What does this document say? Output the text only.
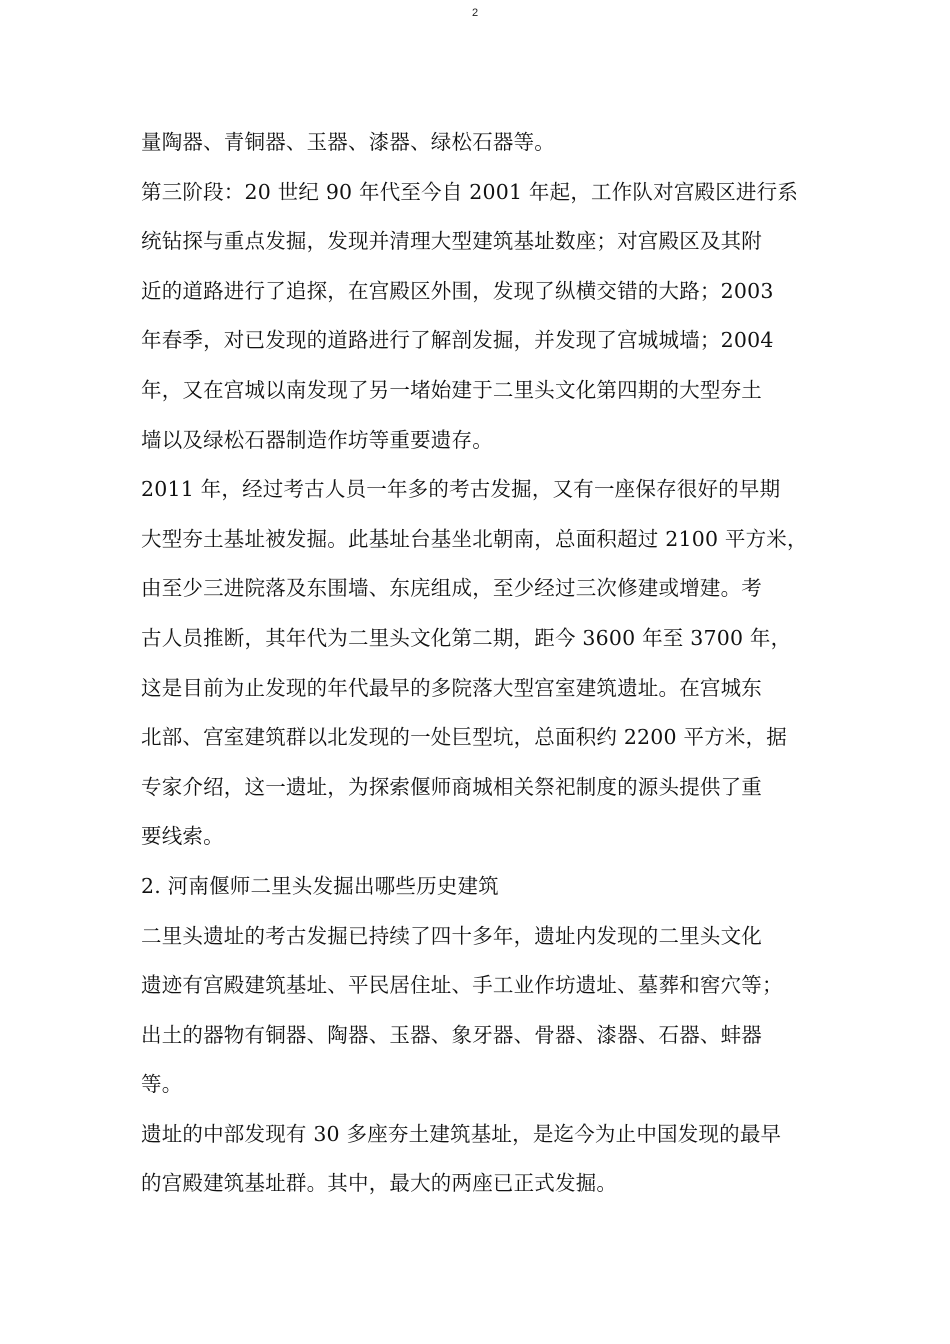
2
量陶器、青铜器、玉器、漆器、绿松石器等。
第三阶段：20 世纪 90 年代至今自 2001 年起，工作队对宫殿区进行系
统钻探与重点发掘，发现并清理大型建筑基址数座；对宫殿区及其附
近的道路进行了追探，在宫殿区外围，发现了纵横交错的大路；2003
年春季，对已发现的道路进行了解剖发掘，并发现了宫城城墙；2004
年，又在宫城以南发现了另一堵始建于二里头文化第四期的大型夯土
墙以及绿松石器制造作坊等重要遗存。
2011 年，经过考古人员一年多的考古发掘，又有一座保存很好的早期
大型夯土基址被发掘。此基址台基坐北朝南，总面积超过 2100 平方米，
由至少三进院落及东围墙、东庑组成，至少经过三次修建或增建。考
古人员推断，其年代为二里头文化第二期，距今 3600 年至 3700 年，
这是目前为止发现的年代最早的多院落大型宫室建筑遗址。在宫城东
北部、宫室建筑群以北发现的一处巨型坑，总面积约 2200 平方米，据
专家介绍，这一遗址，为探索偃师商城相关祭祀制度的源头提供了重
要线索。
2. 河南偃师二里头发掘出哪些历史建筑
二里头遗址的考古发掘已持续了四十多年，遗址内发现的二里头文化
遗迹有宫殿建筑基址、平民居住址、手工业作坊遗址、墓葬和窖穴等；
出土的器物有铜器、陶器、玉器、象牙器、骨器、漆器、石器、蚌器
等。
遗址的中部发现有 30 多座夯土建筑基址，是迄今为止中国发现的最早
的宫殿建筑基址群。其中，最大的两座已正式发掘。
